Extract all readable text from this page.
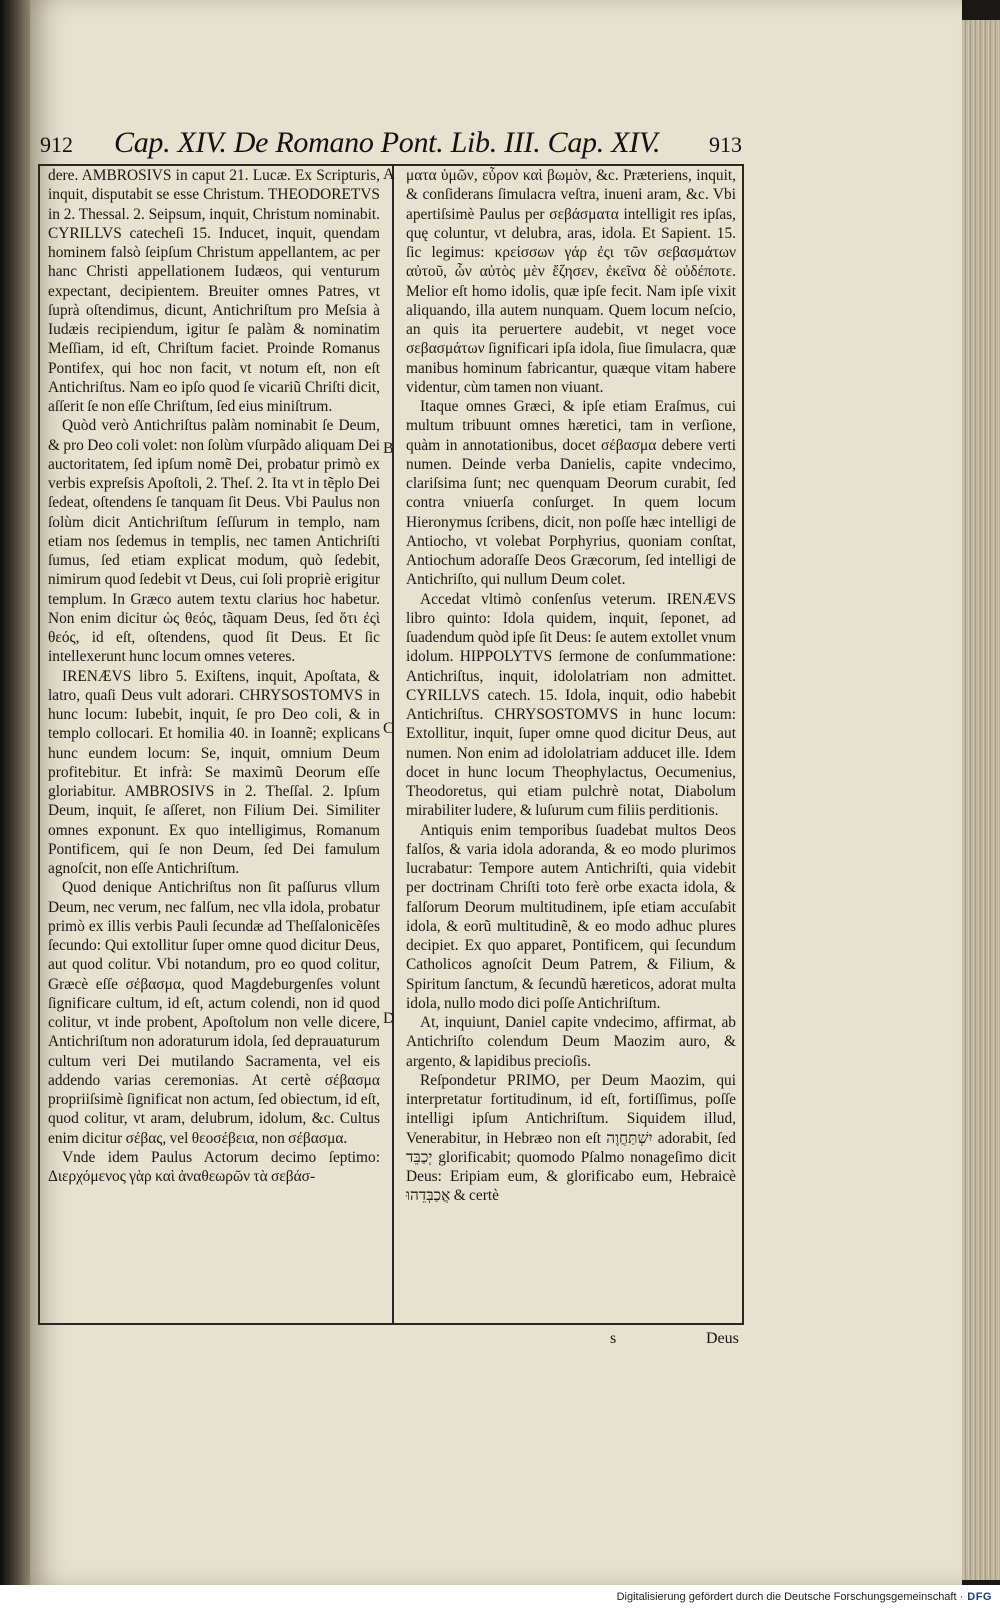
912 Cap. XIV. De Romano Pont. Lib. III. Cap. XIV. 913

dere. AMBROSIVS in caput 21. Lucæ. Ex Scripturis, inquit, disputabit se esse Christum. THEODORETVS in 2. Thessal. 2. Seipsum, inquit, Christum nominabit. CYRILLVS catecheſi 15. Inducet, inquit, quendam hominem falsò ſeipſum Christum appellantem, ac per hanc Christi appellationem Iudæos, qui venturum expectant, decipientem. Breuiter omnes Patres, vt ſuprà oſtendimus, dicunt, Antichriſtum pro Meſsia à Iudæis recipiendum, igitur ſe palàm & nominatim Meſſiam, id eſt, Chriſtum faciet. Proinde Romanus Pontifex, qui hoc non facit, vt notum eſt, non eſt Antichriſtus. Nam eo ipſo quod ſe vicariũ Chriſti dicit, aſſerit ſe non eſſe Chriſtum, ſed eius miniſtrum.

Quòd verò Antichriſtus palàm nominabit ſe Deum, & pro Deo coli volet: non ſolùm vſurpãdo aliquam Dei auctoritatem, ſed ipſum nomẽ Dei, probatur primò ex verbis expreſsis Apoſtoli, 2. Theſ. 2. Ita vt in tẽplo Dei ſedeat, oſtendens ſe tanquam ſit Deus. Vbi Paulus non ſolùm dicit Antichriſtum ſeſſurum in templo, nam etiam nos ſedemus in templis, nec tamen Antichriſti ſumus, ſed etiam explicat modum, quò ſedebit, nimirum quod ſedebit vt Deus, cui ſoli propriè erigitur templum. In Græco autem textu clarius hoc habetur. Non enim dicitur ὡς θεός, tãquam Deus, ſed ὅτι ἐςὶ θεός, id eſt, oſtendens, quod ſit Deus. Et ſic intellexerunt hunc locum omnes veteres.

IRENÆVS libro 5. Exiſtens, inquit, Apoſtata, & latro, quaſi Deus vult adorari. CHRYSOSTOMVS in hunc locum: Iubebit, inquit, ſe pro Deo coli, & in templo collocari. Et homilia 40. in Ioannẽ; explicans hunc eundem locum: Se, inquit, omnium Deum profitebitur. Et infrà: Se maximũ Deorum eſſe gloriabitur. AMBROSIVS in 2. Theſſal. 2. Ipſum Deum, inquit, ſe aſſeret, non Filium Dei. Similiter omnes exponunt. Ex quo intelligimus, Romanum Pontificem, qui ſe non Deum, ſed Dei famulum agnoſcit, non eſſe Antichriſtum.

Quod denique Antichriſtus non ſit paſſurus vllum Deum, nec verum, nec falſum, nec vlla idola, probatur primò ex illis verbis Pauli ſecundæ ad Theſſalonicẽſes ſecundo: Qui extollitur ſuper omne quod dicitur Deus, aut quod colitur. Vbi notandum, pro eo quod colitur, Græcè eſſe σέβασμα, quod Magdeburgenſes volunt ſignificare cultum, id eſt, actum colendi, non id quod colitur, vt inde probent, Apoſtolum non velle dicere, Antichriſtum non adoraturum idola, ſed deprauaturum cultum veri Dei mutilando Sacramenta, vel eis addendo varias ceremonias. At certè σέβασμα propriiſsimè ſignificat non actum, ſed obiectum, id eſt, quod colitur, vt aram, delubrum, idolum, &c. Cultus enim dicitur σέβας, vel θεοσέβεια, non σέβασμα.

Vnde idem Paulus Actorum decimo ſeptimo: Διερχόμενος γὰρ καὶ ἀναθεωρῶν τὰ σεβάσ-

ματα ὑμῶν, εὗρον καὶ βωμὸν, &c. Præteriens, inquit, & conſiderans ſimulacra veſtra, inueni aram, &c. Vbi apertiſsimè Paulus per σεβάσματα intelligit res ipſas, quę coluntur, vt delubra, aras, idola. Et Sapient. 15. ſic legimus: κρείσσων γάρ ἐςι τῶν σεβασμάτων αὐτοῦ, ὧν αὐτὸς μὲν ἔζησεν, ἐκεῖνα δὲ οὐδέποτε. Melior eſt homo idolis, quæ ipſe fecit. Nam ipſe vixit aliquando, illa autem nunquam. Quem locum neſcio, an quis ita peruertere audebit, vt neget voce σεβασμάτων ſignificari ipſa idola, ſiue ſimulacra, quæ manibus hominum fabricantur, quæque vitam habere videntur, cùm tamen non viuant.

Itaque omnes Græci, & ipſe etiam Eraſmus, cui multum tribuunt omnes hæretici, tam in verſione, quàm in annotationibus, docet σέβασμα debere verti numen. Deinde verba Danielis, capite vndecimo, clariſsima ſunt; nec quenquam Deorum curabit, ſed contra vniuerſa conſurget. In quem locum Hieronymus ſcribens, dicit, non poſſe hæc intelligi de Antiocho, vt volebat Porphyrius, quoniam conſtat, Antiochum adoraſſe Deos Græcorum, ſed intelligi de Antichriſto, qui nullum Deum colet.

Accedat vltimò conſenſus veterum. IRENÆVS libro quinto: Idola quidem, inquit, ſeponet, ad ſuadendum quòd ipſe ſit Deus: ſe autem extollet vnum idolum. HIPPOLYTVS ſermone de conſummatione: Antichriſtus, inquit, idololatriam non admittet. CYRILLVS catech. 15. Idola, inquit, odio habebit Antichriſtus. CHRYSOSTOMVS in hunc locum: Extollitur, inquit, ſuper omne quod dicitur Deus, aut numen. Non enim ad idololatriam adducet ille. Idem docet in hunc locum Theophylactus, Oecumenius, Theodoretus, qui etiam pulchrè notat, Diabolum mirabiliter ludere, & luſurum cum filiis perditionis.

Antiquis enim temporibus ſuadebat multos Deos falſos, & varia idola adoranda, & eo modo plurimos lucrabatur: Tempore autem Antichriſti, quia videbit per doctrinam Chriſti toto ferè orbe exacta idola, & falſorum Deorum multitudinem, ipſe etiam accuſabit idola, & eorũ multitudinẽ, & eo modo adhuc plures decipiet. Ex quo apparet, Pontificem, qui ſecundum Catholicos agnoſcit Deum Patrem, & Filium, & Spiritum ſanctum, & ſecundũ hæreticos, adorat multa idola, nullo modo dici poſſe Antichriſtum.

At, inquiunt, Daniel capite vndecimo, affirmat, ab Antichriſto colendum Deum Maozim auro, & argento, & lapidibus precioſis.

Reſpondetur PRIMO, per Deum Maozim, qui interpretatur fortitudinum, id eſt, fortiſſimus, poſſe intelligi ipſum Antichriſtum. Siquidem illud, Venerabitur, in Hebræo non eſt יִשְׁתַּחֲוֶה adorabit, ſed יְכַבֵּד glorificabit; quomodo Pſalmo nonageſimo dicit Deus: Eripiam eum, & glorificabo eum, Hebraicè אֲכַבְּדֵהוּ & certè

A
B
C
D
s	Deus
Digitalisierung gefördert durch die Deutsche Forschungsgemeinschaft · DFG
